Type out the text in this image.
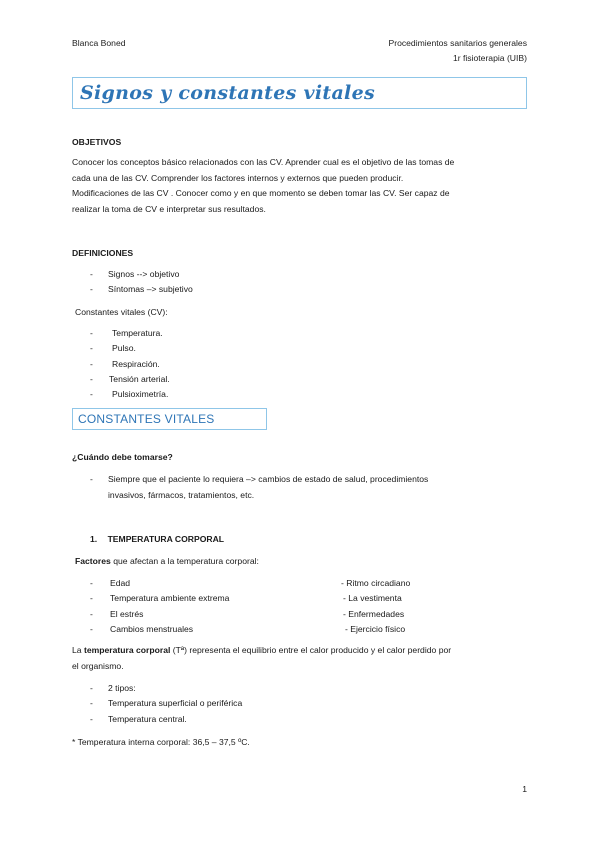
Blanca Boned	Procedimientos sanitarios generales
1r fisioterapia (UIB)
Signos y constantes vitales
OBJETIVOS
Conocer los conceptos básico relacionados con las CV. Aprender cual es el objetivo de las tomas de
cada una de las CV. Comprender los factores internos y externos que pueden producir.
Modificaciones de las CV . Conocer como y en que momento se deben tomar las CV. Ser capaz de
realizar la toma de CV e interpretar sus resultados.
DEFINICIONES
- Signos --> objetivo
- Síntomas –> subjetivo
Constantes vitales (CV):
- Temperatura.
- Pulso.
- Respiración.
- Tensión arterial.
- Pulsioximetría.
CONSTANTES VITALES
¿Cuándo debe tomarse?
- Siempre que el paciente lo requiera –> cambios de estado de salud, procedimientos
invasivos, fármacos, tratamientos, etc.
1. TEMPERATURA CORPORAL
Factores que afectan a la temperatura corporal:
- Edad
- Temperatura ambiente extrema
- El estrés
- Cambios menstruales
- Ritmo circadiano
- La vestimenta
- Enfermedades
- Ejercicio físico
La temperatura corporal (Tª) representa el equilibrio entre el calor producido y el calor perdido por
el organismo.
- 2 tipos:
- Temperatura superficial o periférica
- Temperatura central.
* Temperatura interna corporal: 36,5 – 37,5 ºC.
1
